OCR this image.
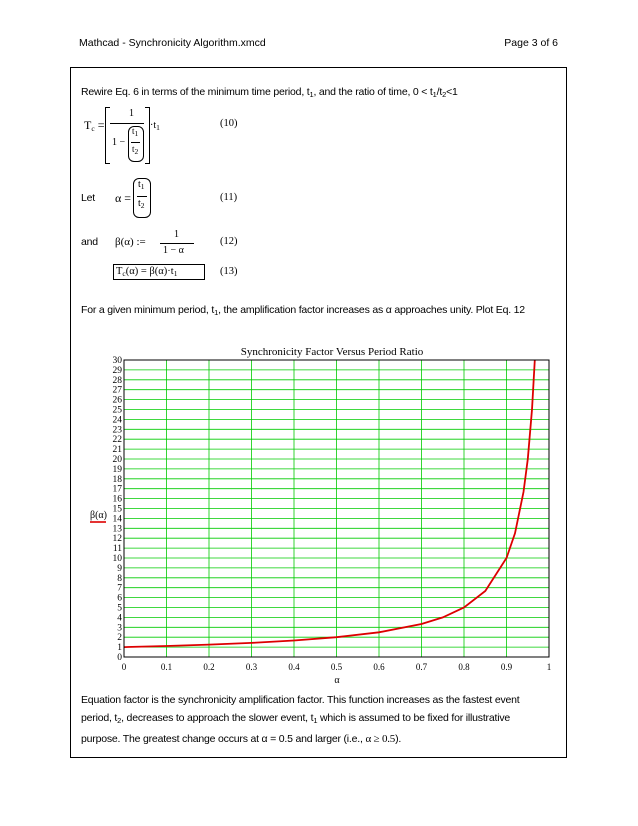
Mathcad - Synchronicity Algorithm.xmcd	Page 3 of 6
Rewire Eq. 6 in terms of the minimum time period, $t_1$, and the ratio of time, $0 < t_1/t_2<1$
$T_c$ =
1
1 −
$t_1$
$t_2$
$\cdot t_1$	(10)
Let α =
$t_1$
$t_2$
(11)
and β(α) :=
1
1 − α
(12)
$T_c(\alpha) = \beta(\alpha)\cdot t_1$	(13)
For a given minimum period, $t_1$, the amplification factor increases as α approaches unity. Plot Eq. 12
Synchronicity Factor Versus Period Ratio
0
1
2
3
4
5
6
7
8
9
10
11
12
13
14
15
16
17
18
19
20
21
22
23
24
25
26
27
28
29
30
0	0.1	0.2	0.3	0.4	0.5	0.6	0.7	0.8	0.9	1
β(α)
α
Equation factor is the synchronicity amplification factor. This function increases as the fastest event
period, $t_2$, decreases to approach the slower event, $t_1$ which is assumed to be fixed for illustrative
purpose. The greatest change occurs at α = 0.5 and larger (i.e., α ≥ 0.5).
